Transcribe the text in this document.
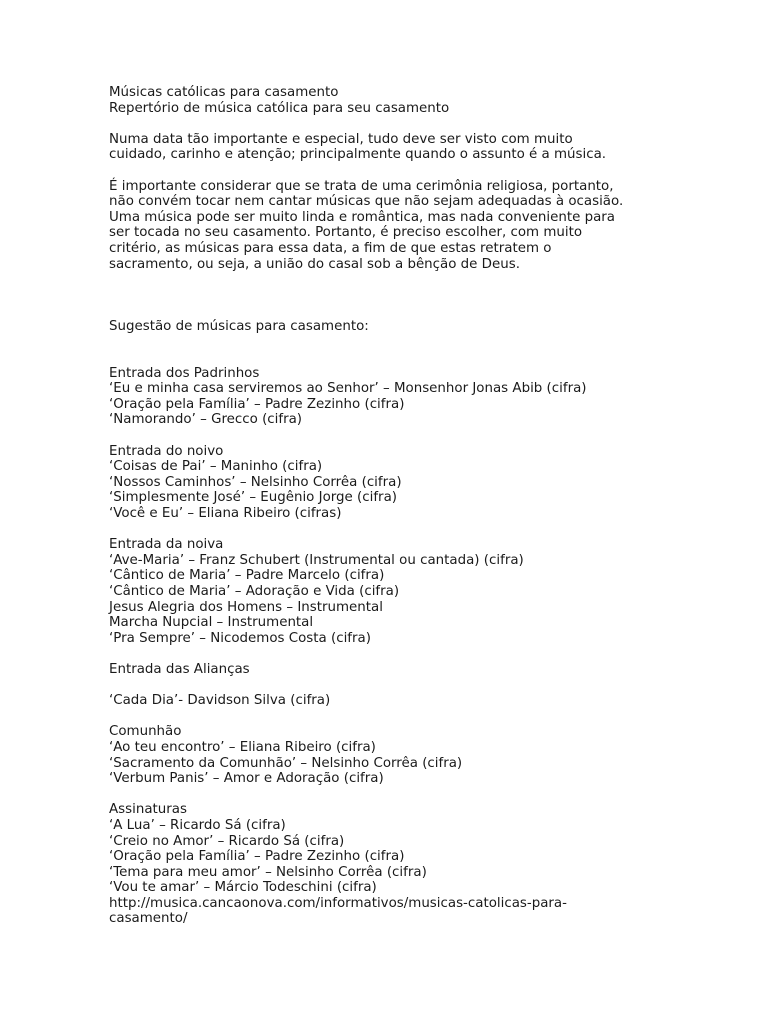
Músicas católicas para casamento

Repertório de música católica para seu casamento

Numa data tão importante e especial, tudo deve ser visto com muito

cuidado, carinho e atenção; principalmente quando o assunto é a música.

É importante considerar que se trata de uma cerimônia religiosa, portanto,

não convém tocar nem cantar músicas que não sejam adequadas à ocasião.

Uma música pode ser muito linda e romântica, mas nada conveniente para

ser tocada no seu casamento. Portanto, é preciso escolher, com muito

critério, as músicas para essa data, a fim de que estas retratem o

sacramento, ou seja, a união do casal sob a bênção de Deus.

Sugestão de músicas para casamento:

Entrada dos Padrinhos

‘Eu e minha casa serviremos ao Senhor’ – Monsenhor Jonas Abib (cifra)

‘Oração pela Família’ – Padre Zezinho (cifra)

‘Namorando’ – Grecco (cifra)

Entrada do noivo

‘Coisas de Pai’ – Maninho (cifra)

‘Nossos Caminhos’ – Nelsinho Corrêa (cifra)

‘Simplesmente José’ – Eugênio Jorge (cifra)

‘Você e Eu’ – Eliana Ribeiro (cifras)

Entrada da noiva

‘Ave-Maria’ – Franz Schubert (Instrumental ou cantada) (cifra)

‘Cântico de Maria’ – Padre Marcelo (cifra)

‘Cântico de Maria’ – Adoração e Vida (cifra)

Jesus Alegria dos Homens – Instrumental

Marcha Nupcial – Instrumental

‘Pra Sempre’ – Nicodemos Costa (cifra)

Entrada das Alianças

‘Cada Dia’- Davidson Silva (cifra)

Comunhão

‘Ao teu encontro’ – Eliana Ribeiro (cifra)

‘Sacramento da Comunhão’ – Nelsinho Corrêa (cifra)

‘Verbum Panis’ – Amor e Adoração (cifra)

Assinaturas

‘A Lua’ – Ricardo Sá (cifra)

‘Creio no Amor’ – Ricardo Sá (cifra)

‘Oração pela Família’ – Padre Zezinho (cifra)

‘Tema para meu amor’ – Nelsinho Corrêa (cifra)

‘Vou te amar’ – Márcio Todeschini (cifra)

http://musica.cancaonova.com/informativos/musicas-catolicas-para-

casamento/
